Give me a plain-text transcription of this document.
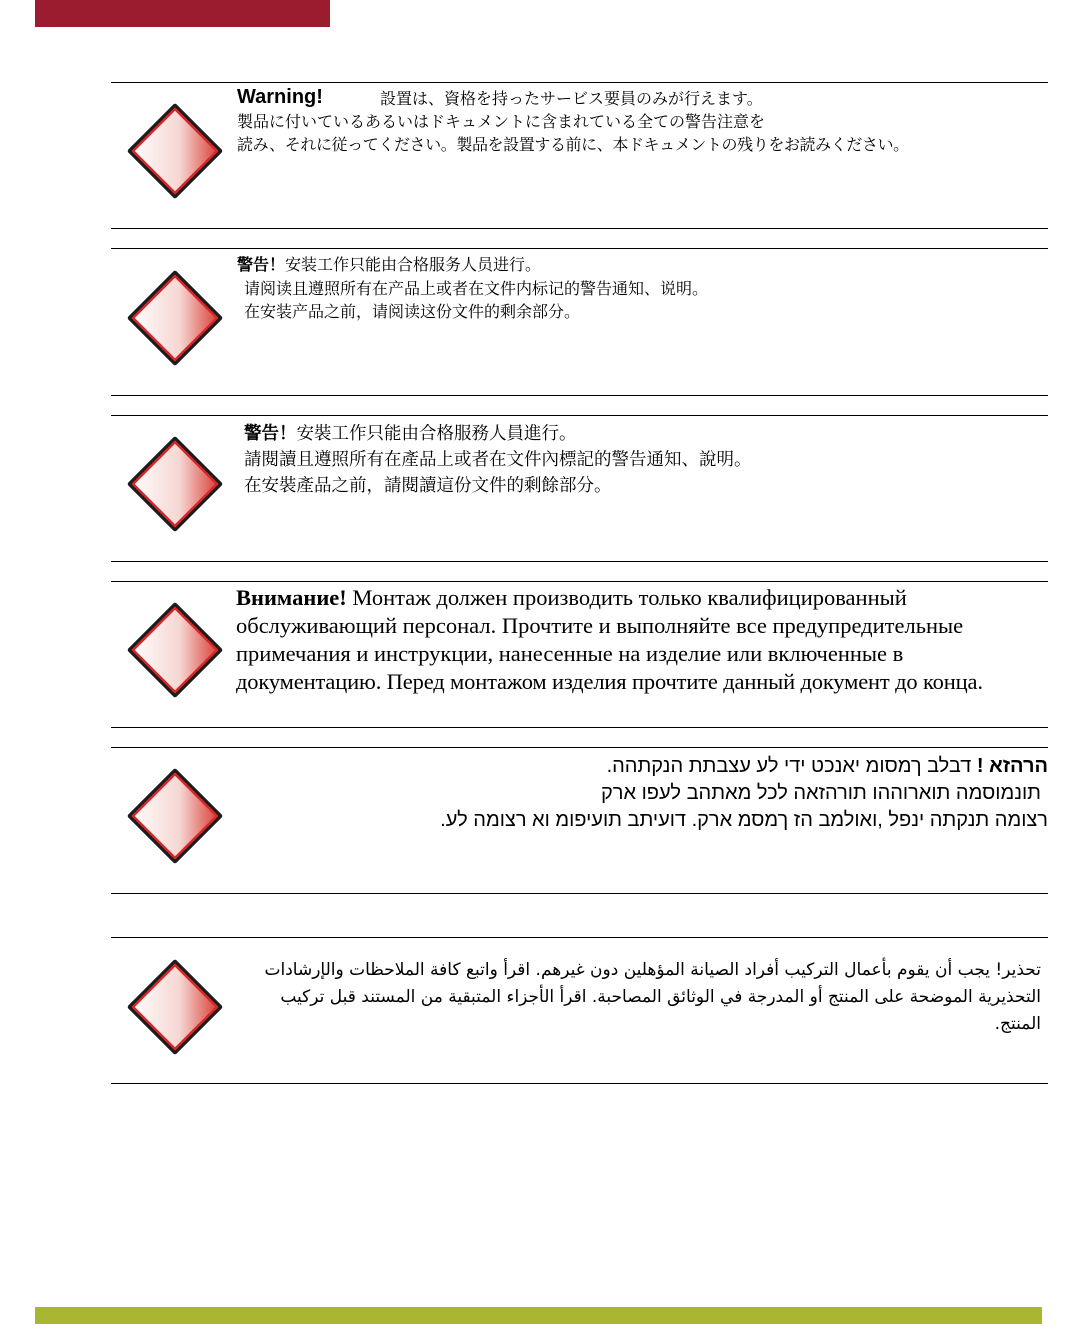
Warning!	設置は、資格を持ったサービス要員のみが行えます。
製品に付いているあるいはドキュメントに含まれている全ての警告注意を
読み、それに従ってください。製品を設置する前に、本ドキュメントの残りをお読みください。
警告！安装工作只能由合格服务人员进行。
请阅读且遵照所有在产品上或者在文件内标记的警告通知、说明。
在安装产品之前，请阅读这份文件的剩余部分。
警告！安裝工作只能由合格服務人員進行。
請閱讀且遵照所有在產品上或者在文件內標記的警告通知、說明。
在安裝產品之前，請閱讀這份文件的剩餘部分。
Внимание! Монтаж должен производить только квалифицированный
обслуживающий персонал. Прочтите и выполняйте все предупредительные
примечания и инструкции, нанесенные на изделие или включенные в
документацию. Перед монтажом изделия прочтите данный документ до конца.
הרהזא ! דבלב ךמסומ יאנכט ידי לע עצבתת הנקתהה.
תונמוסמה תוארוההו תורהזאה לכל מאתהב לעפו ארק
רצומה תנקתה ינפל ,ואולמב הז ךמסמ ארק. דועיתב תועיפומ וא רצומה לע.
تحذير! يجب أن يقوم بأعمال التركيب أفراد الصيانة المؤهلين دون غيرهم. اقرأ واتبع كافة الملاحظات والإرشادات
التحذيرية الموضحة على المنتج أو المدرجة في الوثائق المصاحبة. اقرأ الأجزاء المتبقية من المستند قبل تركيب
المنتج.
